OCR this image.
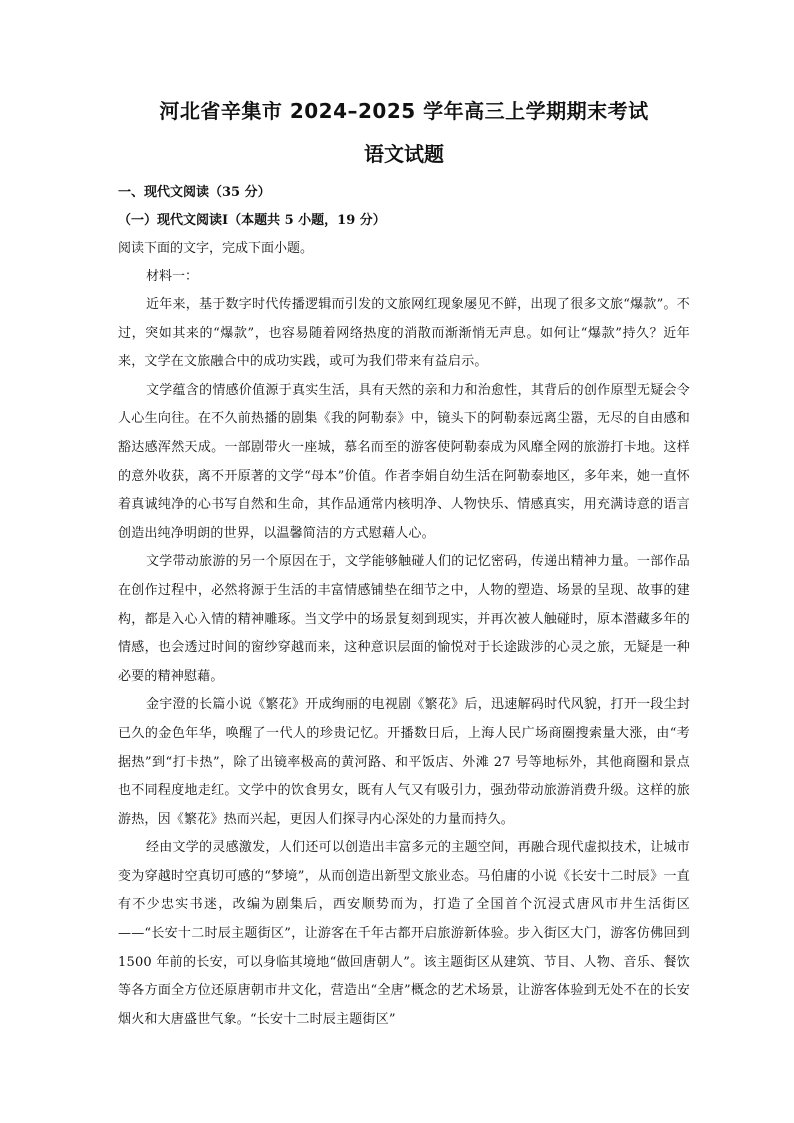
河北省辛集市 2024–2025 学年高三上学期期末考试
语文试题

一、现代文阅读（35 分）

（一）现代文阅读Ⅰ（本题共 5 小题，19 分）

阅读下面的文字，完成下面小题。

材料一：

近年来，基于数字时代传播逻辑而引发的文旅网红现象屡见不鲜，出现了很多文旅“爆款”。不过，突如其来的“爆款”，也容易随着网络热度的消散而渐渐悄无声息。如何让“爆款”持久？近年来，文学在文旅融合中的成功实践，或可为我们带来有益启示。

文学蕴含的情感价值源于真实生活，具有天然的亲和力和治愈性，其背后的创作原型无疑会令人心生向往。在不久前热播的剧集《我的阿勒泰》中，镜头下的阿勒泰远离尘嚣，无尽的自由感和豁达感浑然天成。一部剧带火一座城，慕名而至的游客使阿勒泰成为风靡全网的旅游打卡地。这样的意外收获，离不开原著的文学“母本”价值。作者李娟自幼生活在阿勒泰地区，多年来，她一直怀着真诚纯净的心书写自然和生命，其作品通常内核明净、人物快乐、情感真实，用充满诗意的语言创造出纯净明朗的世界，以温馨简洁的方式慰藉人心。

文学带动旅游的另一个原因在于，文学能够触碰人们的记忆密码，传递出精神力量。一部作品在创作过程中，必然将源于生活的丰富情感铺垫在细节之中，人物的塑造、场景的呈现、故事的建构，都是入心入情的精神雕琢。当文学中的场景复刻到现实，并再次被人触碰时，原本潜藏多年的情感，也会透过时间的窗纱穿越而来，这种意识层面的愉悦对于长途跋涉的心灵之旅，无疑是一种必要的精神慰藉。

金宇澄的长篇小说《繁花》开成绚丽的电视剧《繁花》后，迅速解码时代风貌，打开一段尘封已久的金色年华，唤醒了一代人的珍贵记忆。开播数日后，上海人民广场商圈搜索量大涨，由“考据热”到“打卡热”，除了出镜率极高的黄河路、和平饭店、外滩 27 号等地标外，其他商圈和景点也不同程度地走红。文学中的饮食男女，既有人气又有吸引力，强劲带动旅游消费升级。这样的旅游热，因《繁花》热而兴起，更因人们探寻内心深处的力量而持久。

经由文学的灵感激发，人们还可以创造出丰富多元的主题空间，再融合现代虚拟技术，让城市变为穿越时空真切可感的“梦境”，从而创造出新型文旅业态。马伯庸的小说《长安十二时辰》一直有不少忠实书迷，改编为剧集后，西安顺势而为，打造了全国首个沉浸式唐风市井生活街区——“长安十二时辰主题街区”，让游客在千年古都开启旅游新体验。步入街区大门，游客仿佛回到 1500 年前的长安，可以身临其境地“做回唐朝人”。该主题街区从建筑、节目、人物、音乐、餐饮等各方面全方位还原唐朝市井文化，营造出“全唐”概念的艺术场景，让游客体验到无处不在的长安烟火和大唐盛世气象。“长安十二时辰主题街区”
